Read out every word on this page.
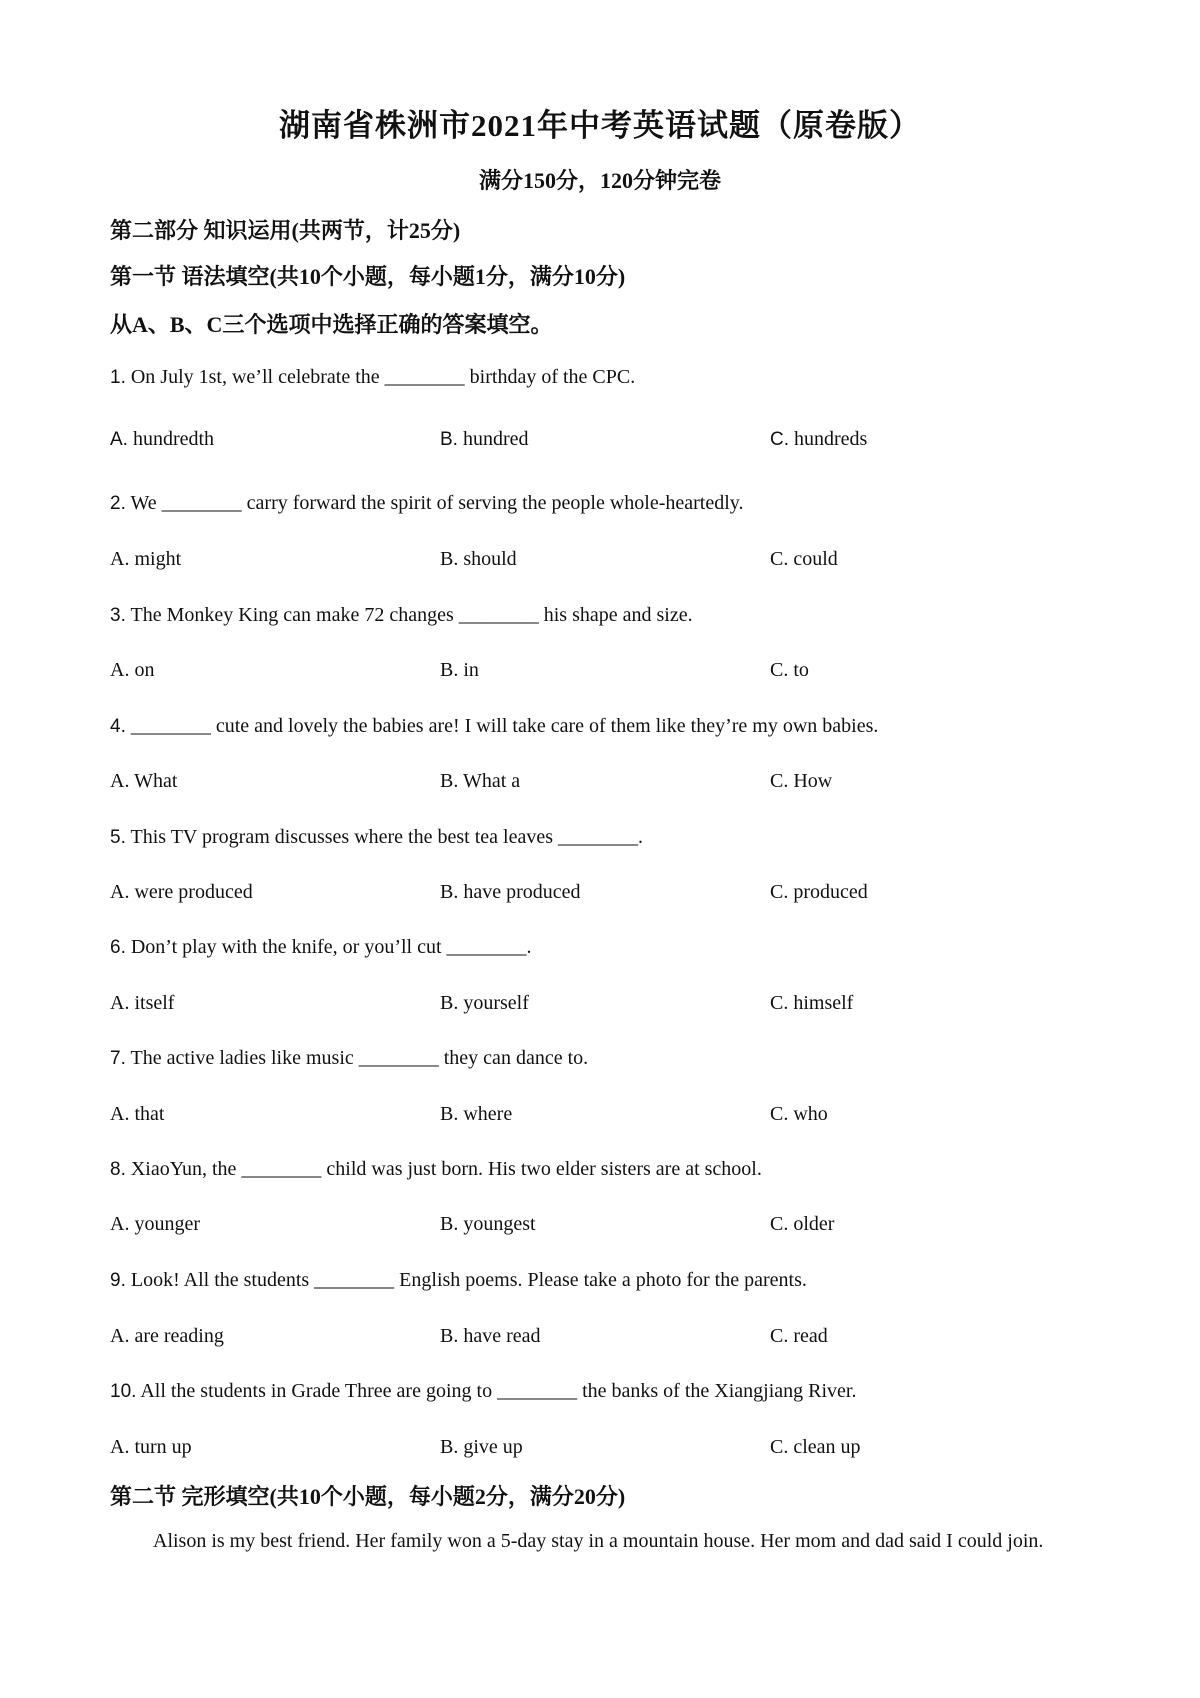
湖南省株洲市2021年中考英语试题（原卷版）
满分150分，120分钟完卷
第二部分 知识运用(共两节，计25分)
第一节 语法填空(共10个小题，每小题1分，满分10分)
从A、B、C三个选项中选择正确的答案填空。
1. On July 1st, we’ll celebrate the ________ birthday of the CPC.
A. hundredth	B. hundred	C. hundreds
2. We ________ carry forward the spirit of serving the people whole-heartedly.
A. might	B. should	C. could
3. The Monkey King can make 72 changes ________ his shape and size.
A. on	B. in	C. to
4. ________ cute and lovely the babies are! I will take care of them like they’re my own babies.
A. What	B. What a	C. How
5. This TV program discusses where the best tea leaves ________.
A. were produced	B. have produced	C. produced
6. Don’t play with the knife, or you’ll cut ________.
A. itself	B. yourself	C. himself
7. The active ladies like music ________ they can dance to.
A. that	B. where	C. who
8. XiaoYun, the ________ child was just born. His two elder sisters are at school.
A. younger	B. youngest	C. older
9. Look! All the students ________ English poems. Please take a photo for the parents.
A. are reading	B. have read	C. read
10. All the students in Grade Three are going to ________ the banks of the Xiangjiang River.
A. turn up	B. give up	C. clean up
第二节 完形填空(共10个小题，每小题2分，满分20分)
Alison is my best friend. Her family won a 5-day stay in a mountain house. Her mom and dad said I could join.
